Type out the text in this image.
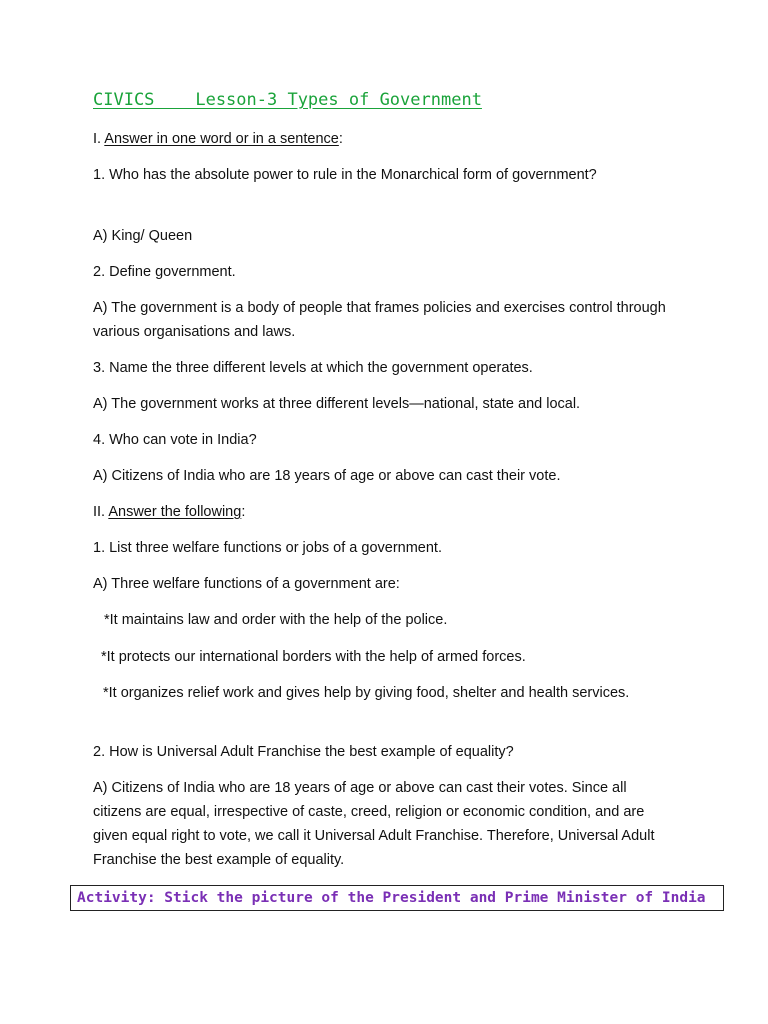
CIVICS    Lesson-3 Types of Government

I. Answer in one word or in a sentence:

1. Who has the absolute power to rule in the Monarchical form of government?

A) King/ Queen

2. Define government.

A) The government is a body of people that frames policies and exercises control through various organisations and laws.

3. Name the three different levels at which the government operates.

A) The government works at three different levels—national, state and local.

4. Who can vote in India?

A) Citizens of India who are 18 years of age or above can cast their vote.

II. Answer the following:

1. List three welfare functions or jobs of a government.

A) Three welfare functions of a government are:

*It maintains law and order with the help of the police.

*It protects our international borders with the help of armed forces.

*It organizes relief work and gives help by giving food, shelter and health services.

2. How is Universal Adult Franchise the best example of equality?

A) Citizens of India who are 18 years of age or above can cast their votes. Since all citizens are equal, irrespective of caste, creed, religion or economic condition, and are given equal right to vote, we call it Universal Adult Franchise. Therefore, Universal Adult Franchise the best example of equality.

Activity: Stick the picture of the President and Prime Minister of India
